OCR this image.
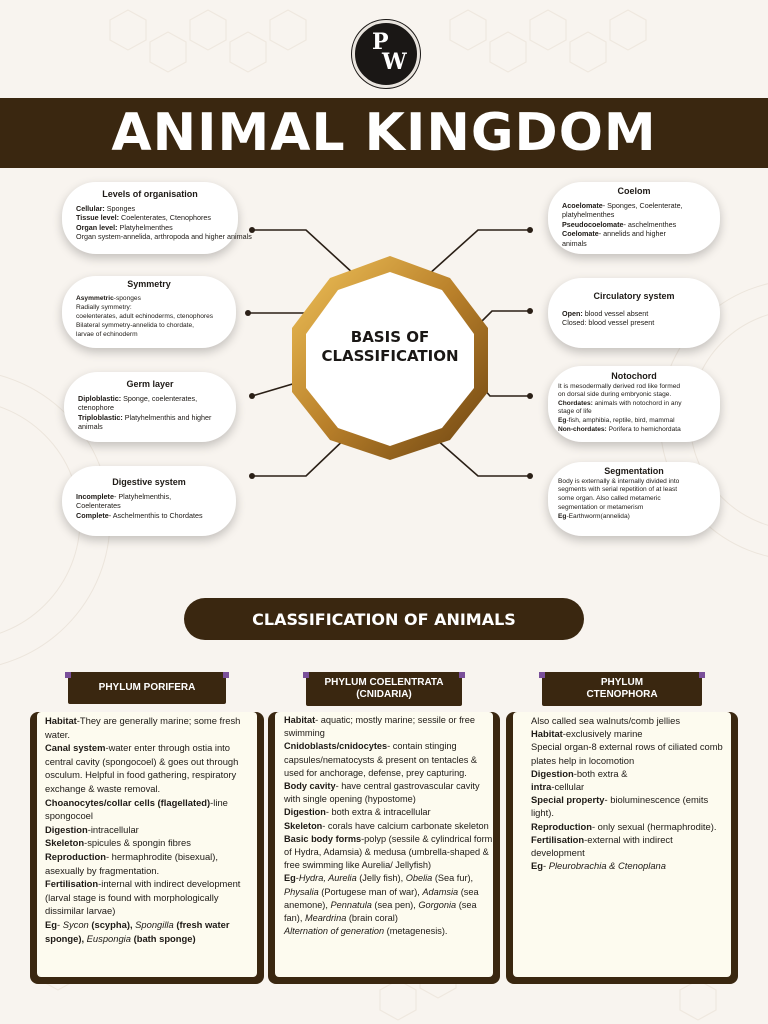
P
W
ANIMAL KINGDOM
BASIS OF
CLASSIFICATION
Levels of organisation
Cellular: Sponges
Tissue level: Coelenterates, Ctenophores
Organ level: Platyhelmenthes
Organ system-annelida, arthropoda and higher animals
Symmetry
Asymmetric-sponges
Radially symmetry:
coelenterates, adult echinoderms, ctenophores
Bilateral symmetry-annelida to chordate,
larvae of echinoderm
Germ layer
Diploblastic: Sponge, coelenterates,
ctenophore
Triploblastic: Platyhelmenthis and higher
animals
Digestive system
Incomplete- Platyhelmenthis,
Coelenterates
Complete- Aschelmenthis to Chordates
Coelom
Acoelomate- Sponges, Coelenterate,
platyhelmenthes
Pseudocoelomate- aschelmenthes
Coelomate- annelids and higher
animals
Circulatory system
Open: blood vessel absent
Closed: blood vessel present
Notochord
It is mesodermally derived rod like formed
on dorsal side during embryonic stage.
Chordates: animals with notochord in any
stage of life
Eg-fish, amphibia, reptile, bird, mammal
Non-chordates: Porifera to hemichordata
Segmentation
Body is externally & internally divided into
segments with serial repetition of at least
some organ. Also called metameric
segmentation or metamerism
Eg-Earthworm(annelida)
CLASSIFICATION OF ANIMALS
PHYLUM PORIFERA

Habitat-They are generally marine; some fresh water.

Canal system-water enter through ostia into central cavity (spongocoel) & goes out through osculum. Helpful in food gathering, respiratory exchange & waste removal.

Choanocytes/collar cells (flagellated)-line spongocoel

Digestion-intracellular

Skeleton-spicules & spongin fibres

Reproduction- hermaphrodite (bisexual), asexually by fragmentation.

Fertilisation-internal with indirect development (larval stage is found with morphologically dissimilar larvae)

Eg- Sycon (scypha), Spongilla (fresh water sponge), Euspongia (bath sponge)

PHYLUM COELENTRATA
(CNIDARIA)

Habitat- aquatic; mostly marine; sessile or free swimming

Cnidoblasts/cnidocytes- contain stinging capsules/nematocysts & present on tentacles & used for anchorage, defense, prey capturing.

Body cavity- have central gastrovascular cavity with single opening (hypostome)

Digestion- both extra & intracellular

Skeleton- corals have calcium carbonate skeleton

Basic body forms-polyp (sessile & cylindrical form of Hydra, Adamsia) & medusa (umbrella-shaped & free swimming like Aurelia/ Jellyfish)

Eg-Hydra, Aurelia (Jelly fish), Obelia (Sea fur), Physalia (Portugese man of war), Adamsia (sea anemone), Pennatula (sea pen), Gorgonia (sea fan), Meardrina (brain coral)

Alternation of generation (metagenesis).

PHYLUM
CTENOPHORA

Also called sea walnuts/comb jellies

Habitat-exclusively marine

Special organ-8 external rows of ciliated comb plates help in locomotion

Digestion-both extra &

intra-cellular

Special property- bioluminescence (emits light).

Reproduction- only sexual (hermaphrodite).

Fertilisation-external with indirect development

Eg- Pleurobrachia & Ctenoplana
